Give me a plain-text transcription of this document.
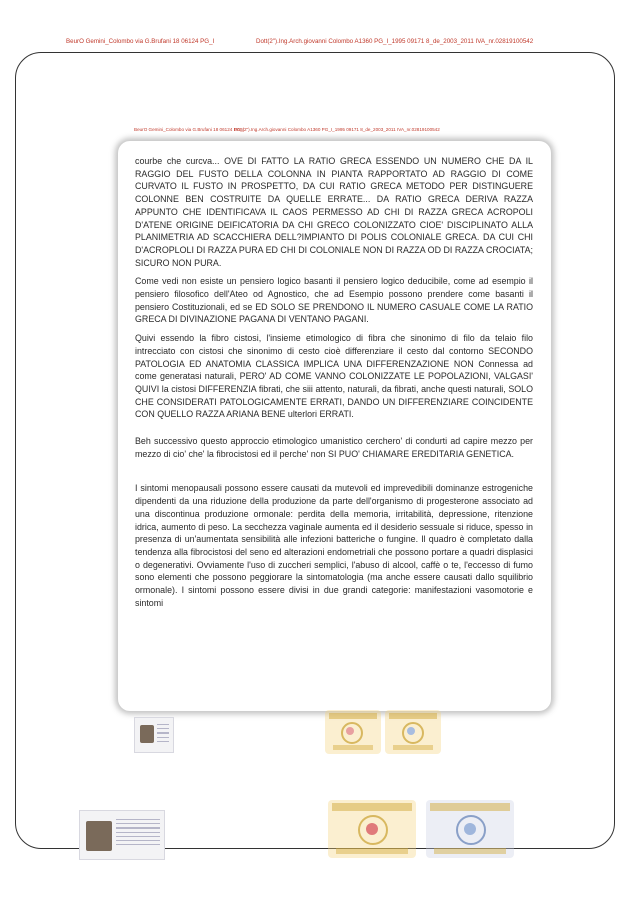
BeurO Gemini_Colombo via G.Brufani 18 06124 PG_I	Dott(2").Ing.Arch.giovanni Colombo A1360 PG_I_1995 09171 8_de_2003_2011 IVA_nr.02819100542
BeurO Gemini_Colombo via G.Brufani 18 06124 PG_I
Dott(2").Ing.Arch.giovanni Colombo A1360 PG_I_1995 09171 8_de_2003_2011 IVA_nr.02819100542

courbe che curcva... OVE DI FATTO LA RATIO GRECA ESSENDO UN NUMERO CHE DA IL RAGGIO DEL FUSTO DELLA COLONNA IN PIANTA RAPPORTATO AD RAGGIO DI COME CURVATO IL FUSTO IN PROSPETTO, DA CUI RATIO GRECA METODO PER DISTINGUERE COLONNE BEN COSTRUITE DA QUELLE ERRATE... DA RATIO GRECA DERIVA RAZZA APPUNTO CHE IDENTIFICAVA IL CAOS PERMESSO AD CHI DI RAZZA GRECA ACROPOLI D'ATENE ORIGINE DEIFICATORIA DA CHI GRECO COLONIZZATO CIOE' DISCIPLINATO ALLA PLANIMETRIA AD SCACCHIERA DELL?IMPIANTO DI POLIS COLONIALE GRECA. DA CUI CHI D'ACROPLOLI DI RAZZA PURA ED CHI DI COLONIALE NON DI RAZZA OD DI RAZZA CROCIATA; SICURO NON PURA.

Come vedi non esiste un pensiero logico basanti il pensiero logico deducibile, come ad esempio il pensiero filosofico dell'Ateo od Agnostico, che ad Esempio possono prendere come basanti il pensiero Costituzionali, ed se ED SOLO SE PRENDONO IL NUMERO CASUALE COME LA RATIO GRECA DI DIVINAZIONE PAGANA DI VENTANO PAGANI.

Quivi essendo la fibro cistosi, l'insieme etimologico di fibra che sinonimo di filo da telaio filo intrecciato con cistosi che sinonimo di cesto cioè differenziare il cesto dal contorno SECONDO PATOLOGIA ED ANATOMIA CLASSICA IMPLICA UNA DIFFERENZAZIONE NON Connessa ad come generatasi naturali, PERO' AD COME VANNO COLONIZZATE LE POPOLAZIONI, VALGASI' QUIVI la cistosi DIFFERENZIA fibrati, che siii attento, naturali, da fibrati, anche questi naturali, SOLO CHE CONSIDERATI PATOLOGICAMENTE ERRATI, DANDO UN DIFFERENZIARE COINCIDENTE CON QUELLO RAZZA ARIANA BENE ulterlori ERRATI.

Beh successivo questo approccio etimologico umanistico cerchero' di condurti ad capire mezzo per mezzo di cio' che' la fibrocistosi ed il perche' non SI PUO' CHIAMARE EREDITARIA GENETICA.

I sintomi menopausali possono essere causati da mutevoli ed imprevedibili dominanze estrogeniche dipendenti da una riduzione della produzione da parte dell'organismo di progesterone associato ad una discontinua produzione ormonale: perdita della memoria, irritabilità, depressione, ritenzione idrica, aumento di peso. La secchezza vaginale aumenta ed il desiderio sessuale si riduce, spesso in presenza di un'aumentata sensibilità alle infezioni batteriche o fungine. Il quadro è completato dalla tendenza alla fibrocistosi del seno ed alterazioni endometriali che possono portare a quadri displasici o degenerativi. Ovviamente l'uso di zuccheri semplici, l'abuso di alcool, caffè o te, l'eccesso di fumo sono elementi che possono peggiorare la sintomatologia (ma anche essere causati dallo squilibrio ormonale). I sintomi possono essere divisi in due grandi categorie: manifestazioni vasomotorie e sintomi
